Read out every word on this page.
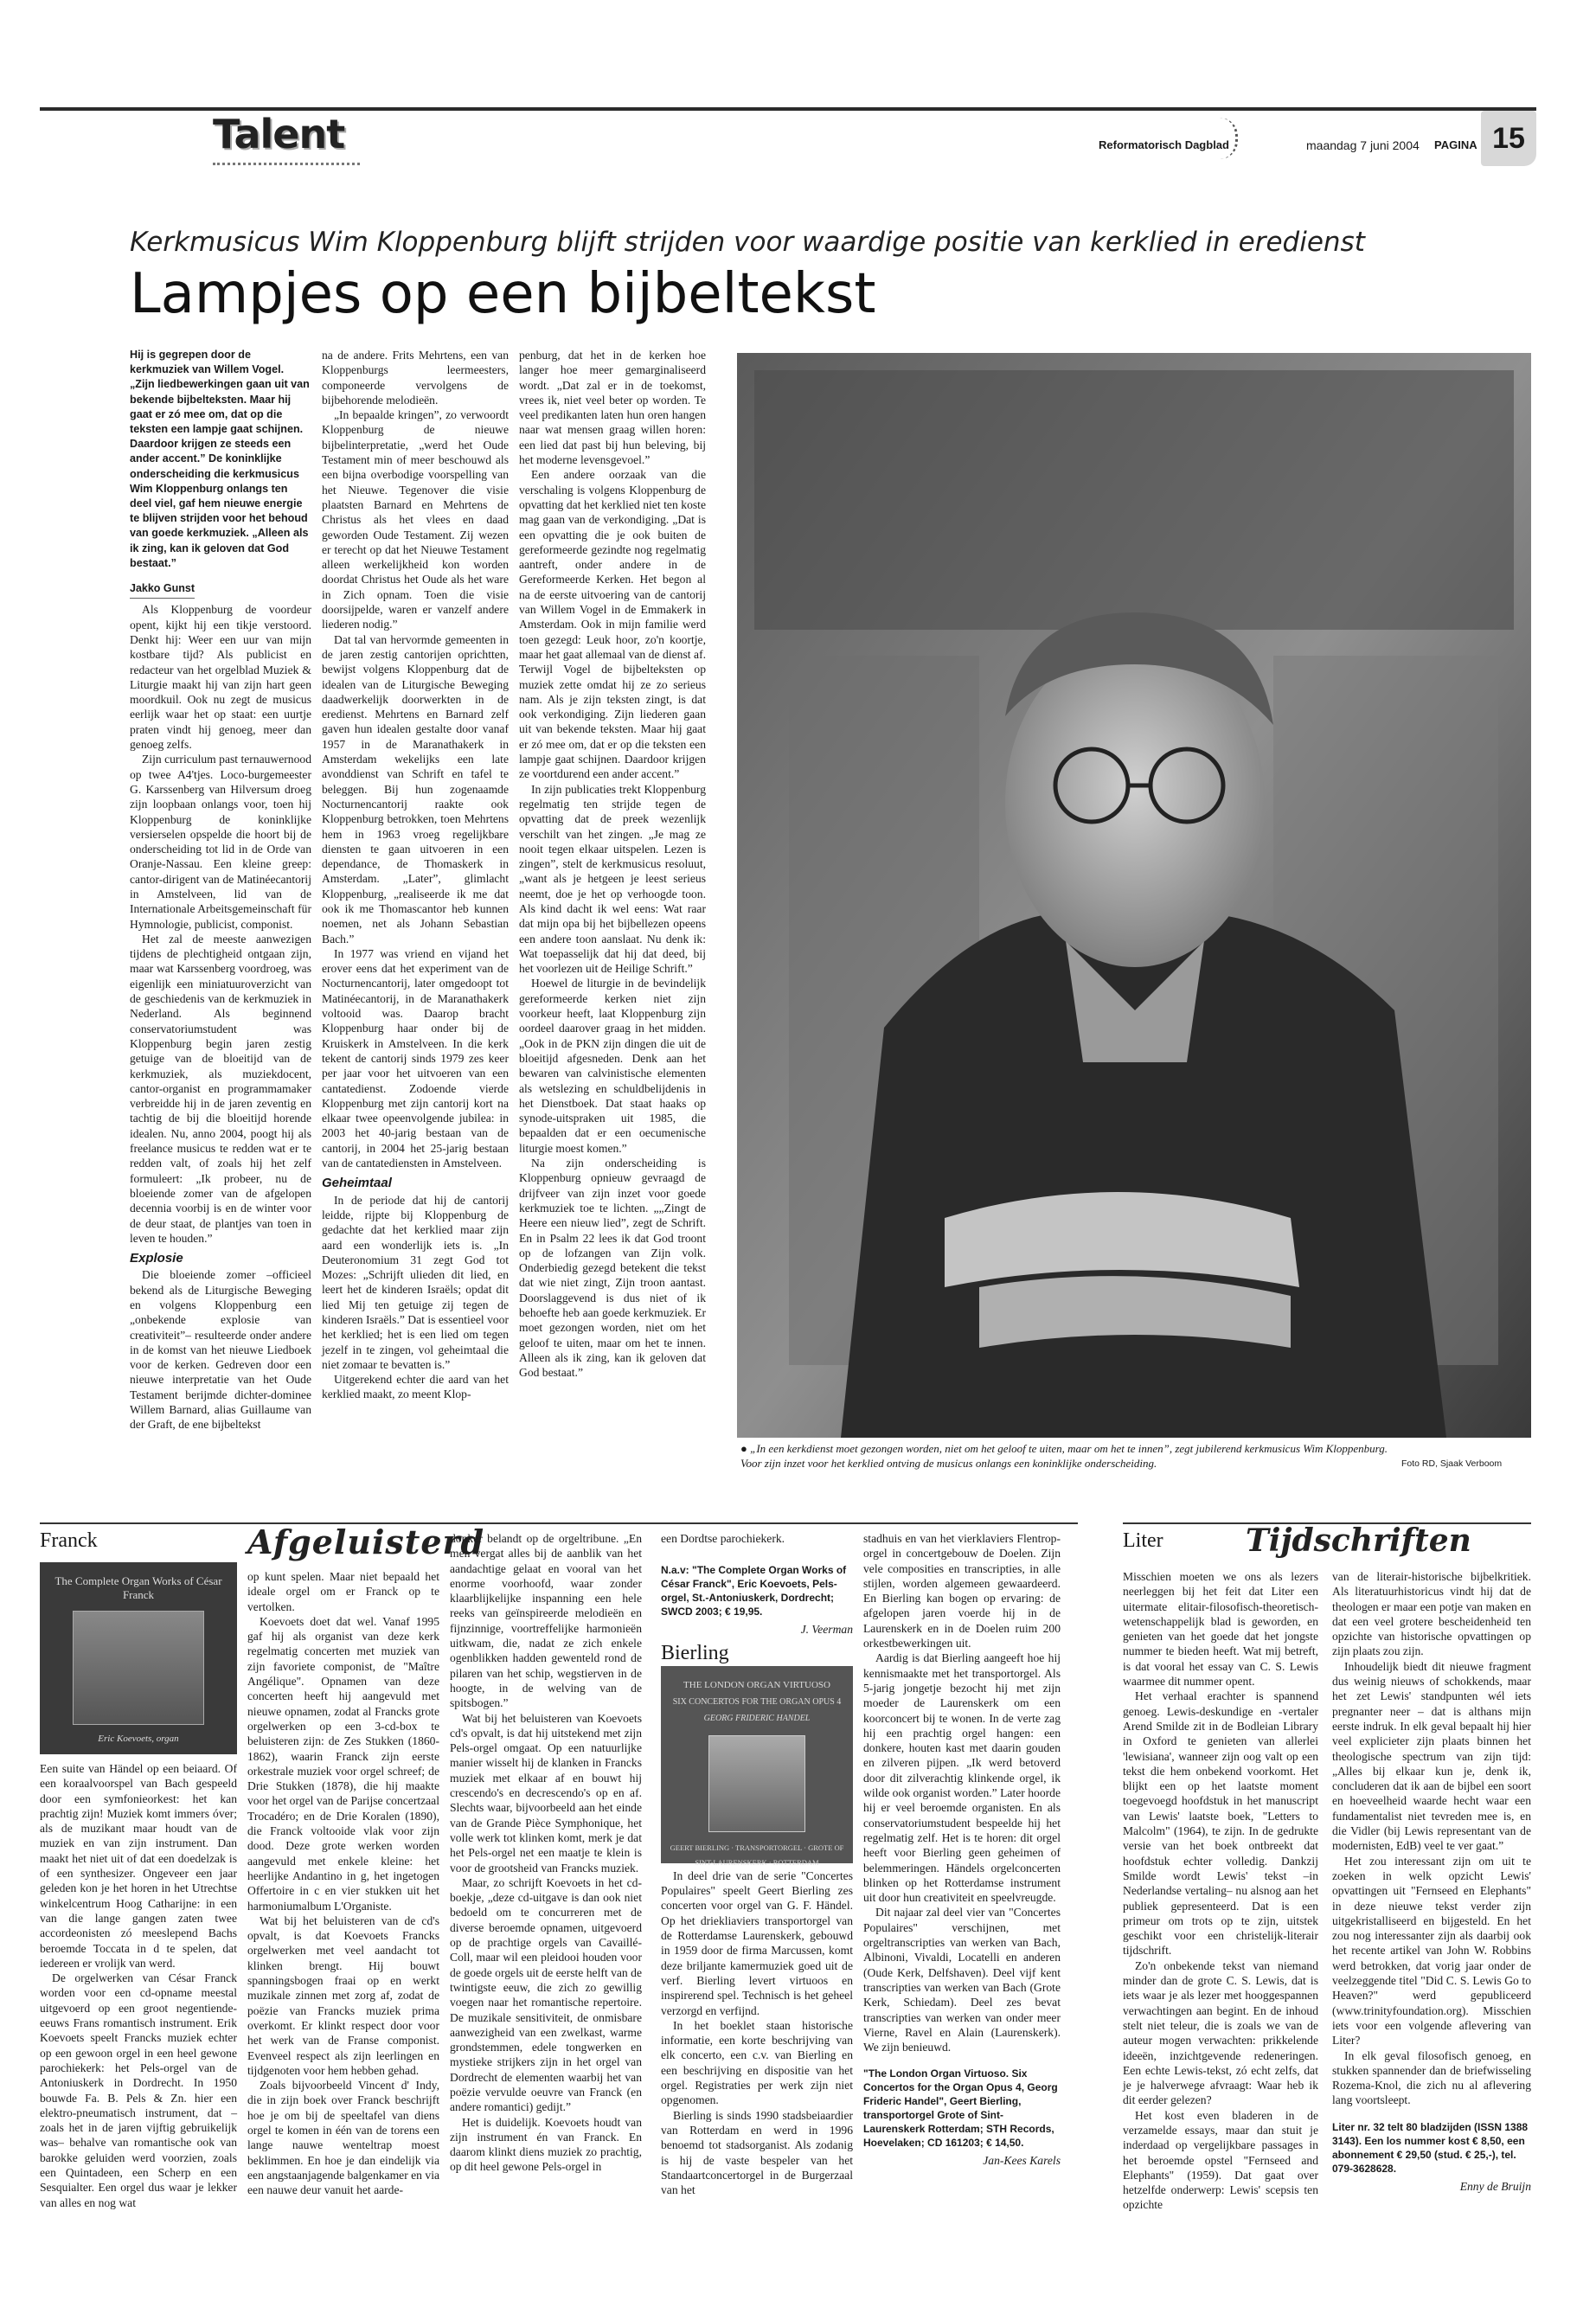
Talent	Reformatorisch Dagblad	maandag 7 juni 2004 PAGINA 15
Kerkmusicus Wim Kloppenburg blijft strijden voor waardige positie van kerklied in eredienst
Lampjes op een bijbeltekst

Hij is gegrepen door de kerkmuziek van Willem Vogel. „Zijn liedbewerkingen gaan uit van bekende bijbelteksten. Maar hij gaat er zó mee om, dat op die teksten een lampje gaat schijnen. Daardoor krijgen ze steeds een ander accent.” De koninklijke onderscheiding die kerkmusicus Wim Kloppenburg onlangs ten deel viel, gaf hem nieuwe energie te blijven strijden voor het behoud van goede kerkmuziek. „Alleen als ik zing, kan ik geloven dat God bestaat.”

Jakko Gunst

Als Kloppenburg de voordeur opent, kijkt hij een tikje verstoord. Denkt hij: Weer een uur van mijn kostbare tijd? Als publicist en redacteur van het orgelblad Muziek & Liturgie maakt hij van zijn hart geen moordkuil. Ook nu zegt de musicus eerlijk waar het op staat: een uurtje praten vindt hij genoeg, meer dan genoeg zelfs.

Zijn curriculum past ternauwernood op twee A4'tjes. Loco-burgemeester G. Karssenberg van Hilversum droeg zijn loopbaan onlangs voor, toen hij Kloppenburg de koninklijke versierselen opspelde die hoort bij de onderscheiding tot lid in de Orde van Oranje-Nassau. Een kleine greep: cantor-dirigent van de Matinéecantorij in Amstelveen, lid van de Internationale Arbeitsgemeinschaft für Hymnologie, publicist, componist.

Het zal de meeste aanwezigen tijdens de plechtigheid ontgaan zijn, maar wat Karssenberg voordroeg, was eigenlijk een miniatuuroverzicht van de geschiedenis van de kerkmuziek in Nederland. Als beginnend conservatoriumstudent was Kloppenburg begin jaren zestig getuige van de bloeitijd van de kerkmuziek, als muziekdocent, cantor-organist en programmamaker verbreidde hij in de jaren zeventig en tachtig de bij die bloeitijd horende idealen. Nu, anno 2004, poogt hij als freelance musicus te redden wat er te redden valt, of zoals hij het zelf formuleert: „Ik probeer, nu de bloeiende zomer van de afgelopen decennia voorbij is en de winter voor de deur staat, de plantjes van toen in leven te houden.”

Explosie

Die bloeiende zomer –officieel bekend als de Liturgische Beweging en volgens Kloppenburg een „onbekende explosie van creativiteit”– resulteerde onder andere in de komst van het nieuwe Liedboek voor de kerken. Gedreven door een nieuwe interpretatie van het Oude Testament berijmde dichter-dominee Willem Barnard, alias Guillaume van der Graft, de ene bijbeltekst

na de andere. Frits Mehrtens, een van Kloppenburgs leermeesters, componeerde vervolgens de bijbehorende melodieën.

„In bepaalde kringen”, zo verwoordt Kloppenburg de nieuwe bijbelinterpretatie, „werd het Oude Testament min of meer beschouwd als een bijna overbodige voorspelling van het Nieuwe. Tegenover die visie plaatsten Barnard en Mehrtens de Christus als het vlees en daad geworden Oude Testament. Zij wezen er terecht op dat het Nieuwe Testament alleen werkelijkheid kon worden doordat Christus het Oude als het ware in Zich opnam. Toen die visie doorsijpelde, waren er vanzelf andere liederen nodig.”

Dat tal van hervormde gemeenten in de jaren zestig cantorijen oprichtten, bewijst volgens Kloppenburg dat de idealen van de Liturgische Beweging daadwerkelijk doorwerkten in de eredienst. Mehrtens en Barnard zelf gaven hun idealen gestalte door vanaf 1957 in de Maranathakerk in Amsterdam wekelijks een late avonddienst van Schrift en tafel te beleggen. Bij hun zogenaamde Nocturnencantorij raakte ook Kloppenburg betrokken, toen Mehrtens hem in 1963 vroeg regelijkbare diensten te gaan uitvoeren in een dependance, de Thomaskerk in Amsterdam. „Later”, glimlacht Kloppenburg, „realiseerde ik me dat ook ik me Thomascantor heb kunnen noemen, net als Johann Sebastian Bach.”

In 1977 was vriend en vijand het erover eens dat het experiment van de Nocturnencantorij, later omgedoopt tot Matinéecantorij, in de Maranathakerk voltooid was. Daarop bracht Kloppenburg haar onder bij de Kruiskerk in Amstelveen. In die kerk tekent de cantorij sinds 1979 zes keer per jaar voor het uitvoeren van een cantatedienst. Zodoende vierde Kloppenburg met zijn cantorij kort na elkaar twee opeenvolgende jubilea: in 2003 het 40-jarig bestaan van de cantorij, in 2004 het 25-jarig bestaan van de cantatediensten in Amstelveen.

Geheimtaal

In de periode dat hij de cantorij leidde, rijpte bij Kloppenburg de gedachte dat het kerklied maar zijn aard een wonderlijk iets is. „In Deuteronomium 31 zegt God tot Mozes: „Schrijft ulieden dit lied, en leert het de kinderen Israëls; opdat dit lied Mij ten getuige zij tegen de kinderen Israëls.” Dat is essentieel voor het kerklied; het is een lied om tegen jezelf in te zingen, vol geheimtaal die niet zomaar te bevatten is.”

Uitgerekend echter die aard van het kerklied maakt, zo meent Klop-

penburg, dat het in de kerken hoe langer hoe meer gemarginaliseerd wordt. „Dat zal er in de toekomst, vrees ik, niet veel beter op worden. Te veel predikanten laten hun oren hangen naar wat mensen graag willen horen: een lied dat past bij hun beleving, bij het moderne levensgevoel.”

Een andere oorzaak van die verschaling is volgens Kloppenburg de opvatting dat het kerklied niet ten koste mag gaan van de verkondiging. „Dat is een opvatting die je ook buiten de gereformeerde gezindte nog regelmatig aantreft, onder andere in de Gereformeerde Kerken. Het begon al na de eerste uitvoering van de cantorij van Willem Vogel in de Emmakerk in Amsterdam. Ook in mijn familie werd toen gezegd: Leuk hoor, zo'n koortje, maar het gaat allemaal van de dienst af. Terwijl Vogel de bijbelteksten op muziek zette omdat hij ze zo serieus nam. Als je zijn teksten zingt, is dat ook verkondiging. Zijn liederen gaan uit van bekende teksten. Maar hij gaat er zó mee om, dat er op die teksten een lampje gaat schijnen. Daardoor krijgen ze voortdurend een ander accent.”

In zijn publicaties trekt Kloppenburg regelmatig ten strijde tegen de opvatting dat de preek wezenlijk verschilt van het zingen. „Je mag ze nooit tegen elkaar uitspelen. Lezen is zingen”, stelt de kerkmusicus resoluut, „want als je hetgeen je leest serieus neemt, doe je het op verhoogde toon. Als kind dacht ik wel eens: Wat raar dat mijn opa bij het bijbellezen opeens een andere toon aanslaat. Nu denk ik: Wat toepasselijk dat hij dat deed, bij het voorlezen uit de Heilige Schrift.”

Hoewel de liturgie in de bevindelijk gereformeerde kerken niet zijn voorkeur heeft, laat Kloppenburg zijn oordeel daarover graag in het midden. „Ook in de PKN zijn dingen die uit de bloeitijd afgesneden. Denk aan het bewaren van calvinistische elementen als wetslezing en schuldbelijdenis in het Dienstboek. Dat staat haaks op synode-uitspraken uit 1985, die bepaalden dat er een oecumenische liturgie moest komen.”

Na zijn onderscheiding is Kloppenburg opnieuw gevraagd de drijfveer van zijn inzet voor goede kerkmuziek toe te lichten. „„Zingt de Heere een nieuw lied”, zegt de Schrift. En in Psalm 22 lees ik dat God troont op de lofzangen van Zijn volk. Onderbiedig gezegd betekent die tekst dat wie niet zingt, Zijn troon aantast. Doorslaggevend is dus niet of ik behoefte heb aan goede kerkmuziek. Er moet gezongen worden, niet om het geloof te uiten, maar om het te innen. Alleen als ik zing, kan ik geloven dat God bestaat.”

● „In een kerkdienst moet gezongen worden, niet om het geloof te uiten, maar om het te innen”, zegt jubilerend kerkmusicus Wim Kloppenburg. Voor zijn inzet voor het kerklied ontving de musicus onlangs een koninklijke onderscheiding.	Foto RD, Sjaak Verboom
Franck	Afgeluisterd
The Complete Organ Works of César Franck
Eric Koevoets, organ

Een suite van Händel op een beiaard. Of een koraalvoorspel van Bach gespeeld door een symfonieorkest: het kan prachtig zijn! Muziek komt immers óver; als de muzikant maar houdt van de muziek en van zijn instrument. Dan maakt het niet uit of dat een doedelzak is of een synthesizer. Ongeveer een jaar geleden kon je het horen in het Utrechtse winkelcentrum Hoog Catharijne: in een van die lange gangen zaten twee accordeonisten zó meeslepend Bachs beroemde Toccata in d te spelen, dat iedereen er vrolijk van werd.

De orgelwerken van César Franck worden voor een cd-opname meestal uitgevoerd op een groot negentiende-eeuws Frans romantisch instrument. Erik Koevoets speelt Francks muziek echter op een gewoon orgel in een heel gewone parochiekerk: het Pels-orgel van de Antoniuskerk in Dordrecht. In 1950 bouwde Fa. B. Pels & Zn. hier een elektro-pneumatisch instrument, dat –zoals het in de jaren vijftig gebruikelijk was– behalve van romantische ook van barokke geluiden werd voorzien, zoals een Quintadeen, een Scherp en een Sesquialter. Een orgel dus waar je lekker van alles en nog wat

op kunt spelen. Maar niet bepaald het ideale orgel om er Franck op te vertolken.

Koevoets doet dat wel. Vanaf 1995 gaf hij als organist van deze kerk regelmatig concerten met muziek van zijn favoriete componist, de "Maître Angélique". Opnamen van deze concerten heeft hij aangevuld met nieuwe opnamen, zodat al Francks grote orgelwerken op een 3-cd-box te beluisteren zijn: de Zes Stukken (1860-1862), waarin Franck zijn eerste orkestrale muziek voor orgel schreef; de Drie Stukken (1878), die hij maakte voor het orgel van de Parijse concertzaal Trocadéro; en de Drie Koralen (1890), die Franck voltooide vlak voor zijn dood. Deze grote werken worden aangevuld met enkele kleine: het heerlijke Andantino in g, het ingetogen Offertoire in c en vier stukken uit het harmoniumalbum L'Organiste.

Wat bij het beluisteren van de cd's opvalt, is dat Koevoets Francks orgelwerken met veel aandacht tot klinken brengt. Hij bouwt spanningsbogen fraai op en werkt muzikale zinnen met zorg af, zodat de poëzie van Francks muziek prima overkomt. Er klinkt respect door voor het werk van de Franse componist. Evenveel respect als zijn leerlingen en tijdgenoten voor hem hebben gehad.

Zoals bijvoorbeeld Vincent d' Indy, die in zijn boek over Franck beschrijft hoe je om bij de speeltafel van diens orgel te komen in één van de torens een lange nauwe wenteltrap moest beklimmen. En hoe je dan eindelijk via een angstaanjagende balgenkamer en via een nauwe deur vanuit het aarde-

donker belandt op de orgeltribune. „En men vergat alles bij de aanblik van het aandachtige gelaat en vooral van het enorme voorhoofd, waar zonder klaarblijkelijke inspanning een hele reeks van geïnspireerde melodieën en fijnzinnige, voortreffelijke harmonieën uitkwam, die, nadat ze zich enkele ogenblikken hadden gewenteld rond de pilaren van het schip, wegstierven in de hoogte, in de welving van de spitsbogen.”

Wat bij het beluisteren van Koevoets cd's opvalt, is dat hij uitstekend met zijn Pels-orgel omgaat. Op een natuurlijke manier wisselt hij de klanken in Francks muziek met elkaar af en bouwt hij crescendo's en decrescendo's op en af. Slechts waar, bijvoorbeeld aan het einde van de Grande Pièce Symphonique, het volle werk tot klinken komt, merk je dat het Pels-orgel net een maatje te klein is voor de grootsheid van Francks muziek.

Maar, zo schrijft Koevoets in het cd-boekje, „deze cd-uitgave is dan ook niet bedoeld om te concurreren met de diverse beroemde opnamen, uitgevoerd op de prachtige orgels van Cavaillé-Coll, maar wil een pleidooi houden voor de goede orgels uit de eerste helft van de twintigste eeuw, die zich zo gewillig voegen naar het romantische repertoire. De muzikale sensitiviteit, de onmisbare aanwezigheid van een zwelkast, warme grondstemmen, edele tongwerken en mystieke strijkers zijn in het orgel van Dordrecht de elementen waarbij het van poëzie vervulde oeuvre van Franck (en andere romantici) gedijt.”

Het is duidelijk. Koevoets houdt van zijn instrument én van Franck. En daarom klinkt diens muziek zo prachtig, op dit heel gewone Pels-orgel in

een Dordtse parochiekerk.

N.a.v: "The Complete Organ Works of César Franck", Eric Koevoets, Pels-orgel, St.-Antoniuskerk, Dordrecht; SWCD 2003; € 19,95.

J. Veerman
Bierling
THE LONDON ORGAN VIRTUOSO
SIX CONCERTOS FOR THE ORGAN OPUS 4
GEORG FRIDERIC HANDEL
GEERT BIERLING · TRANSPORTORGEL · GROTE OF SINT-LAURENSKERK · ROTTERDAM

In deel drie van de serie "Concertes Populaires" speelt Geert Bierling zes concerten voor orgel van G. F. Händel. Op het driekliaviers transportorgel van de Rotterdamse Laurenskerk, gebouwd in 1959 door de firma Marcussen, komt deze briljante kamermuziek goed uit de verf. Bierling levert virtuoos en inspirerend spel. Technisch is het geheel verzorgd en verfijnd.

In het boeklet staan historische informatie, een korte beschrijving van elk concerto, een c.v. van Bierling en een beschrijving en dispositie van het orgel. Registraties per werk zijn niet opgenomen.

Bierling is sinds 1990 stadsbeiaardier van Rotterdam en werd in 1996 benoemd tot stadsorganist. Als zodanig is hij de vaste bespeler van het Standaartconcertorgel in de Burgerzaal van het

stadhuis en van het vierklaviers Flentrop-orgel in concertgebouw de Doelen. Zijn vele composities en transcripties, in alle stijlen, worden algemeen gewaardeerd. En Bierling kan bogen op ervaring: de afgelopen jaren voerde hij in de Laurenskerk en in de Doelen ruim 200 orkestbewerkingen uit.

Aardig is dat Bierling aangeeft hoe hij kennismaakte met het transportorgel. Als 5-jarig jongetje bezocht hij met zijn moeder de Laurenskerk om een koorconcert bij te wonen. In de verte zag hij een prachtig orgel hangen: een donkere, houten kast met daarin gouden en zilveren pijpen. „Ik werd betoverd door dit zilverachtig klinkende orgel, ik wilde ook organist worden.” Later hoorde hij er veel beroemde organisten. En als conservatoriumstudent bespeelde hij het regelmatig zelf. Het is te horen: dit orgel heeft voor Bierling geen geheimen of belemmeringen. Händels orgelconcerten blinken op het Rotterdamse instrument uit door hun creativiteit en speelvreugde.

Dit najaar zal deel vier van "Concertes Populaires" verschijnen, met orgeltranscripties van werken van Bach, Albinoni, Vivaldi, Locatelli en anderen (Oude Kerk, Delfshaven). Deel vijf kent transcripties van werken van Bach (Grote Kerk, Schiedam). Deel zes bevat transcripties van werken van onder meer Vierne, Ravel en Alain (Laurenskerk). We zijn benieuwd.

"The London Organ Virtuoso. Six Concertos for the Organ Opus 4, Georg Frideric Handel", Geert Bierling, transportorgel Grote of Sint-Laurenskerk Rotterdam; STH Records, Hoevelaken; CD 161203; € 14,50.

Jan-Kees Karels
Liter	Tijdschriften

Misschien moeten we ons als lezers neerleggen bij het feit dat Liter een uitermate elitair-filosofisch-theoretisch-wetenschappelijk blad is geworden, en genieten van het goede dat het jongste nummer te bieden heeft. Wat mij betreft, is dat vooral het essay van C. S. Lewis waarmee dit nummer opent.

Het verhaal erachter is spannend genoeg. Lewis-deskundige en -vertaler Arend Smilde zit in de Bodleian Library in Oxford te genieten van allerlei 'lewisiana', wanneer zijn oog valt op een tekst die hem onbekend voorkomt. Het blijkt een op het laatste moment toegevoegd hoofdstuk in het manuscript van Lewis' laatste boek, "Letters to Malcolm" (1964), te zijn. In de gedrukte versie van het boek ontbreekt dat hoofdstuk echter volledig. Dankzij Smilde wordt Lewis' tekst –in Nederlandse vertaling– nu alsnog aan het publiek gepresenteerd. Dat is een primeur om trots op te zijn, uitstek geschikt voor een christelijk-literair tijdschrift.

Zo'n onbekende tekst van niemand minder dan de grote C. S. Lewis, dat is iets waar je als lezer met hooggespannen verwachtingen aan begint. En de inhoud stelt niet teleur, die is zoals we van de auteur mogen verwachten: prikkelende ideeën, inzichtgevende redeneringen. Een echte Lewis-tekst, zó echt zelfs, dat je je halverwege afvraagt: Waar heb ik dit eerder gelezen?

Het kost even bladeren in de verzamelde essays, maar dan stuit je inderdaad op vergelijkbare passages in het beroemde opstel "Fernseed and Elephants" (1959). Dat gaat over hetzelfde onderwerp: Lewis' scepsis ten opzichte

van de literair-historische bijbelkritiek. Als literatuurhistoricus vindt hij dat de theologen er maar een potje van maken en dat een veel grotere bescheidenheid ten opzichte van historische opvattingen op zijn plaats zou zijn.

Inhoudelijk biedt dit nieuwe fragment dus weinig nieuws of schokkends, maar het zet Lewis' standpunten wél iets pregnanter neer – dat is althans mijn eerste indruk. In elk geval bepaalt hij hier veel explicieter zijn plaats binnen het theologische spectrum van zijn tijd: „Alles bij elkaar kun je, denk ik, concluderen dat ik aan de bijbel een soort en hoeveelheid waarde hecht waar een fundamentalist niet tevreden mee is, en die Vidler (bij Lewis representant van de modernisten, EdB) veel te ver gaat.”

Het zou interessant zijn om uit te zoeken in welk opzicht Lewis' opvattingen uit "Fernseed en Elephants" in deze nieuwe tekst verder zijn uitgekristalliseerd en bijgesteld. En het zou nog interessanter zijn als daarbij ook het recente artikel van John W. Robbins werd betrokken, dat vorig jaar onder de veelzeggende titel "Did C. S. Lewis Go to Heaven?" werd gepubliceerd (www.trinityfoundation.org). Misschien iets voor een volgende aflevering van Liter?

In elk geval filosofisch genoeg, en stukken spannender dan de briefwisseling Rozema-Knol, die zich nu al aflevering lang voortsleept.

Liter nr. 32 telt 80 bladzijden (ISSN 1388 3143). Een los nummer kost € 8,50, een abonnement € 29,50 (stud. € 25,-), tel. 079-3628628.

Enny de Bruijn
